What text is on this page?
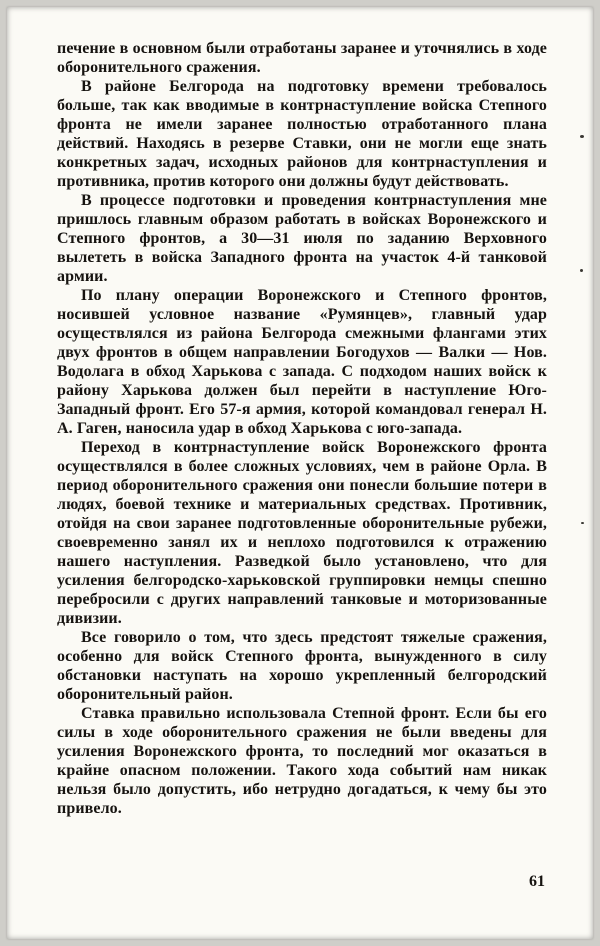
печение в основном были отработаны заранее и уточнялись в ходе оборонительного сражения.

В районе Белгорода на подготовку времени требовалось больше, так как вводимые в контрнаступление войска Степного фронта не имели заранее полностью отработанного плана действий. Находясь в резерве Ставки, они не могли еще знать конкретных задач, исходных районов для контрнаступления и противника, против которого они должны будут действовать.

В процессе подготовки и проведения контрнаступления мне пришлось главным образом работать в войсках Воронежского и Степного фронтов, а 30—31 июля по заданию Верховного вылететь в войска Западного фронта на участок 4-й танковой армии.

По плану операции Воронежского и Степного фронтов, носившей условное название «Румянцев», главный удар осуществлялся из района Белгорода смежными флангами этих двух фронтов в общем направлении Богодухов — Валки — Нов. Водолага в обход Харькова с запада. С подходом наших войск к району Харькова должен был перейти в наступление Юго-Западный фронт. Его 57-я армия, которой командовал генерал Н. А. Гаген, наносила удар в обход Харькова с юго-запада.

Переход в контрнаступление войск Воронежского фронта осуществлялся в более сложных условиях, чем в районе Орла. В период оборонительного сражения они понесли большие потери в людях, боевой технике и материальных средствах. Противник, отойдя на свои заранее подготовленные оборонительные рубежи, своевременно занял их и неплохо подготовился к отражению нашего наступления. Разведкой было установлено, что для усиления белгородско-харьковской группировки немцы спешно перебросили с других направлений танковые и моторизованные дивизии.

Все говорило о том, что здесь предстоят тяжелые сражения, особенно для войск Степного фронта, вынужденного в силу обстановки наступать на хорошо укрепленный белгородский оборонительный район.

Ставка правильно использовала Степной фронт. Если бы его силы в ходе оборонительного сражения не были введены для усиления Воронежского фронта, то последний мог оказаться в крайне опасном положении. Такого хода событий нам никак нельзя было допустить, ибо нетрудно догадаться, к чему бы это привело.

61
